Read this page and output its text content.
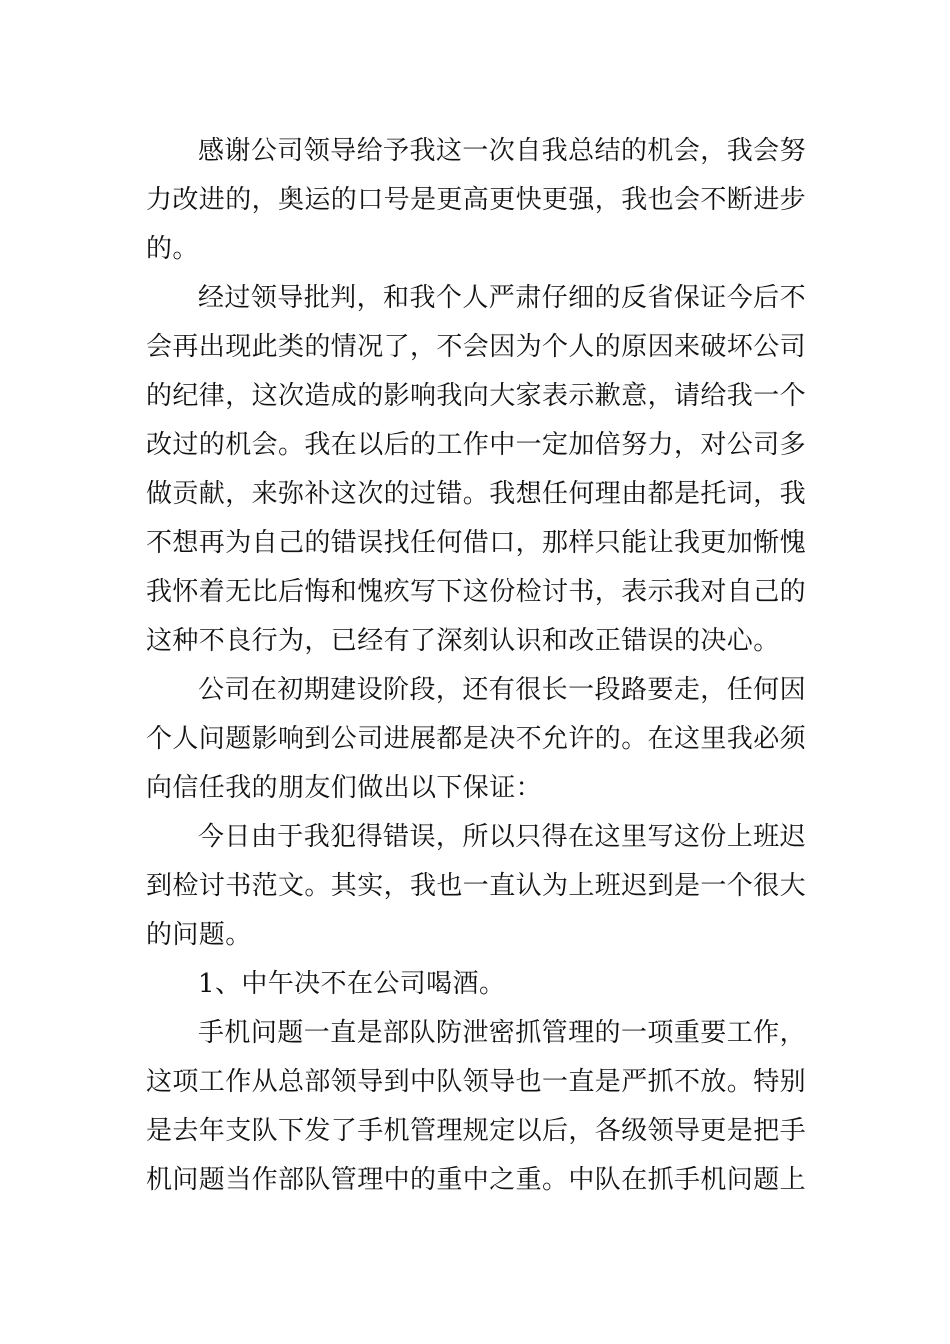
感谢公司领导给予我这一次自我总结的机会，我会努力改进的，奥运的口号是更高更快更强，我也会不断进步的。

经过领导批判，和我个人严肃仔细的反省保证今后不会再出现此类的情况了，不会因为个人的原因来破坏公司的纪律，这次造成的影响我向大家表示歉意，请给我一个改过的机会。我在以后的工作中一定加倍努力，对公司多做贡献，来弥补这次的过错。我想任何理由都是托词，我不想再为自己的错误找任何借口，那样只能让我更加惭愧我怀着无比后悔和愧疚写下这份检讨书，表示我对自己的这种不良行为，已经有了深刻认识和改正错误的决心。

公司在初期建设阶段，还有很长一段路要走，任何因个人问题影响到公司进展都是决不允许的。在这里我必须向信任我的朋友们做出以下保证：

今日由于我犯得错误，所以只得在这里写这份上班迟到检讨书范文。其实，我也一直认为上班迟到是一个很大的问题。

1、中午决不在公司喝酒。

手机问题一直是部队防泄密抓管理的一项重要工作，这项工作从总部领导到中队领导也一直是严抓不放。特别是去年支队下发了手机管理规定以后，各级领导更是把手机问题当作部队管理中的重中之重。中队在抓手机问题上
